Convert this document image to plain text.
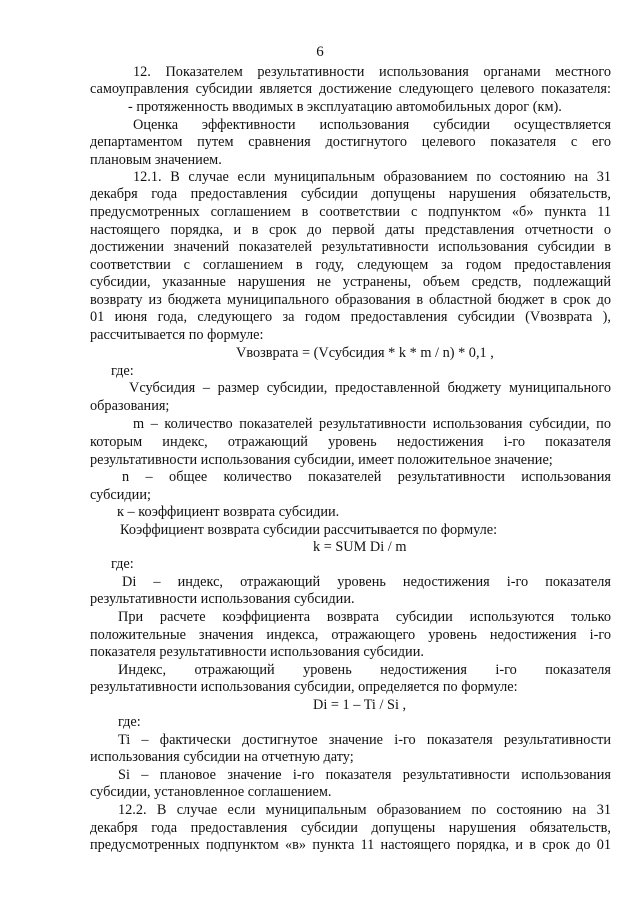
6
12. Показателем результативности использования органами местного
самоуправления субсидии является достижение следующего целевого показателя:
- протяженность вводимых в эксплуатацию автомобильных дорог (км).
Оценка эффективности использования субсидии осуществляется
департаментом путем сравнения достигнутого целевого показателя с его
плановым значением.
12.1. В случае если муниципальным образованием по состоянию на 31
декабря года предоставления субсидии допущены нарушения обязательств,
предусмотренных соглашением в соответствии с подпунктом «б» пункта 11
настоящего порядка, и в срок до первой даты представления отчетности о
достижении значений показателей результативности использования субсидии в
соответствии с соглашением в году, следующем за годом предоставления
субсидии, указанные нарушения не устранены, объем средств, подлежащий
возврату из бюджета муниципального образования в областной бюджет в срок до
01 июня года, следующего за годом предоставления субсидии (Vвозврата ),
рассчитывается по формуле:
Vвозврата = (Vсубсидия * k * m / n) * 0,1 ,
где:
Vсубсидия – размер субсидии, предоставленной бюджету муниципального
образования;
m – количество показателей результативности использования субсидии, по
которым индекс, отражающий уровень недостижения i-го показателя
результативности использования субсидии, имеет положительное значение;
n – общее количество показателей результативности использования
субсидии;
к – коэффициент возврата субсидии.
Коэффициент возврата субсидии рассчитывается по формуле:
k = SUM Di / m
где:
Di – индекс, отражающий уровень недостижения i-го показателя
результативности использования субсидии.
При расчете коэффициента возврата субсидии используются только
положительные значения индекса, отражающего уровень недостижения i-го
показателя результативности использования субсидии.
Индекс, отражающий уровень недостижения i-го показателя
результативности использования субсидии, определяется по формуле:
Di = 1 – Ti / Si ,
где:
Ti – фактически достигнутое значение i-го показателя результативности
использования субсидии на отчетную дату;
Si – плановое значение i-го показателя результативности использования
субсидии, установленное соглашением.
12.2. В случае если муниципальным образованием по состоянию на 31
декабря года предоставления субсидии допущены нарушения обязательств,
предусмотренных подпунктом «в» пункта 11 настоящего порядка, и в срок до 01
